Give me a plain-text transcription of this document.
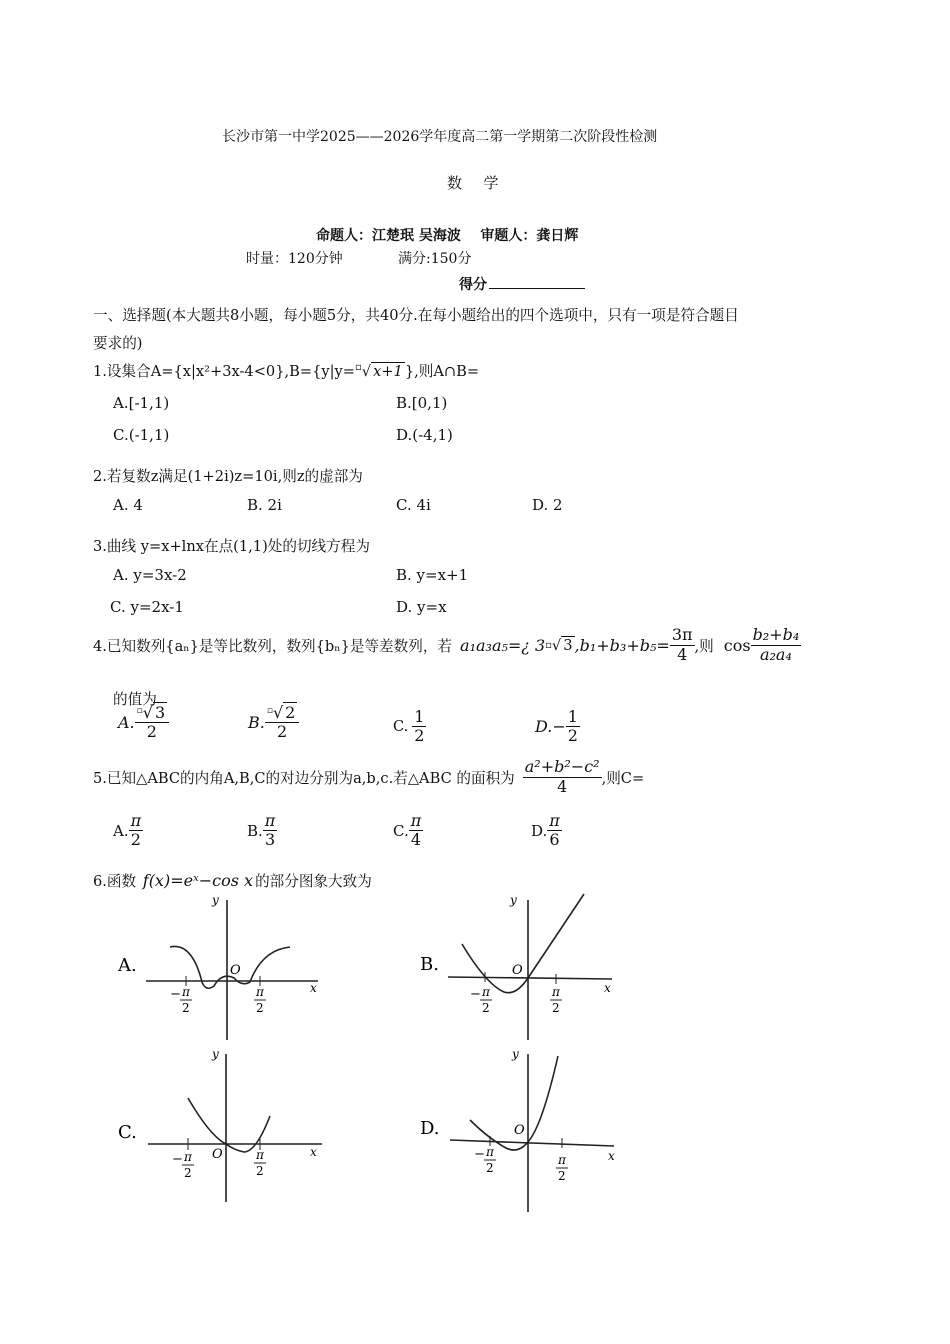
长沙市第一中学2025——2026学年度高二第一学期第二次阶段性检测
数  学
命题人：江楚珉 吴海波    审题人：龚日辉
时量：120分钟	满分:150分
得分
一、选择题(本大题共8小题，每小题5分，共40分.在每小题给出的四个选项中，只有一项是符合题目
要求的)
1.设集合A={x|x²+3x-4<0},B={y|y=▫√ x+1 },则A∩B=
A.[-1,1)	B.[0,1)
C.(-1,1)	D.(-4,1)
2.若复数z满足(1+2i)z=10i,则z的虚部为
A. 4	B. 2i	C. 4i	D. 2
3.曲线 y=x+lnx在点(1,1)处的切线方程为
A. y=3x-2	B. y=x+1
C. y=2x-1	D. y=x
4.已知数列{aₙ}是等比数列，数列{bₙ}是等差数列，若 a₁a₃a₅=¿ 3 ▫ √ 3 $,b_1+b_3+b_5= \frac{3\pi}{4}$ ,则 $\cos \frac{\text{b₂+b₄}}{\text{a₂a₄}}$
的值为
A. $\frac{^▫√ 3}{2}$	B. $\frac{^▫√ 2}{2}$	C. $\frac{1}{2}$	$D.- \frac{1}{2}$
5.已知△ABC的内角A,B,C的对边分别为a,b,c.若△ABC 的面积为 $\frac{\text{a²+b²−c²}}{4}$ ,则C=
A. $\frac{\pi}{2}$	B. $\frac{\pi}{3}$	C. $\frac{\pi}{4}$	D. $\frac{\pi}{6}$
6.函数 f(x)=eˣ−cos x 的部分图象大致为
A.
y
x
O
− π
2
π
2
B.
y
x
O
− π
2
π
2
C.
y
x
O
− π
2
π
2
D.
y
x
O
− π
2
π
2
